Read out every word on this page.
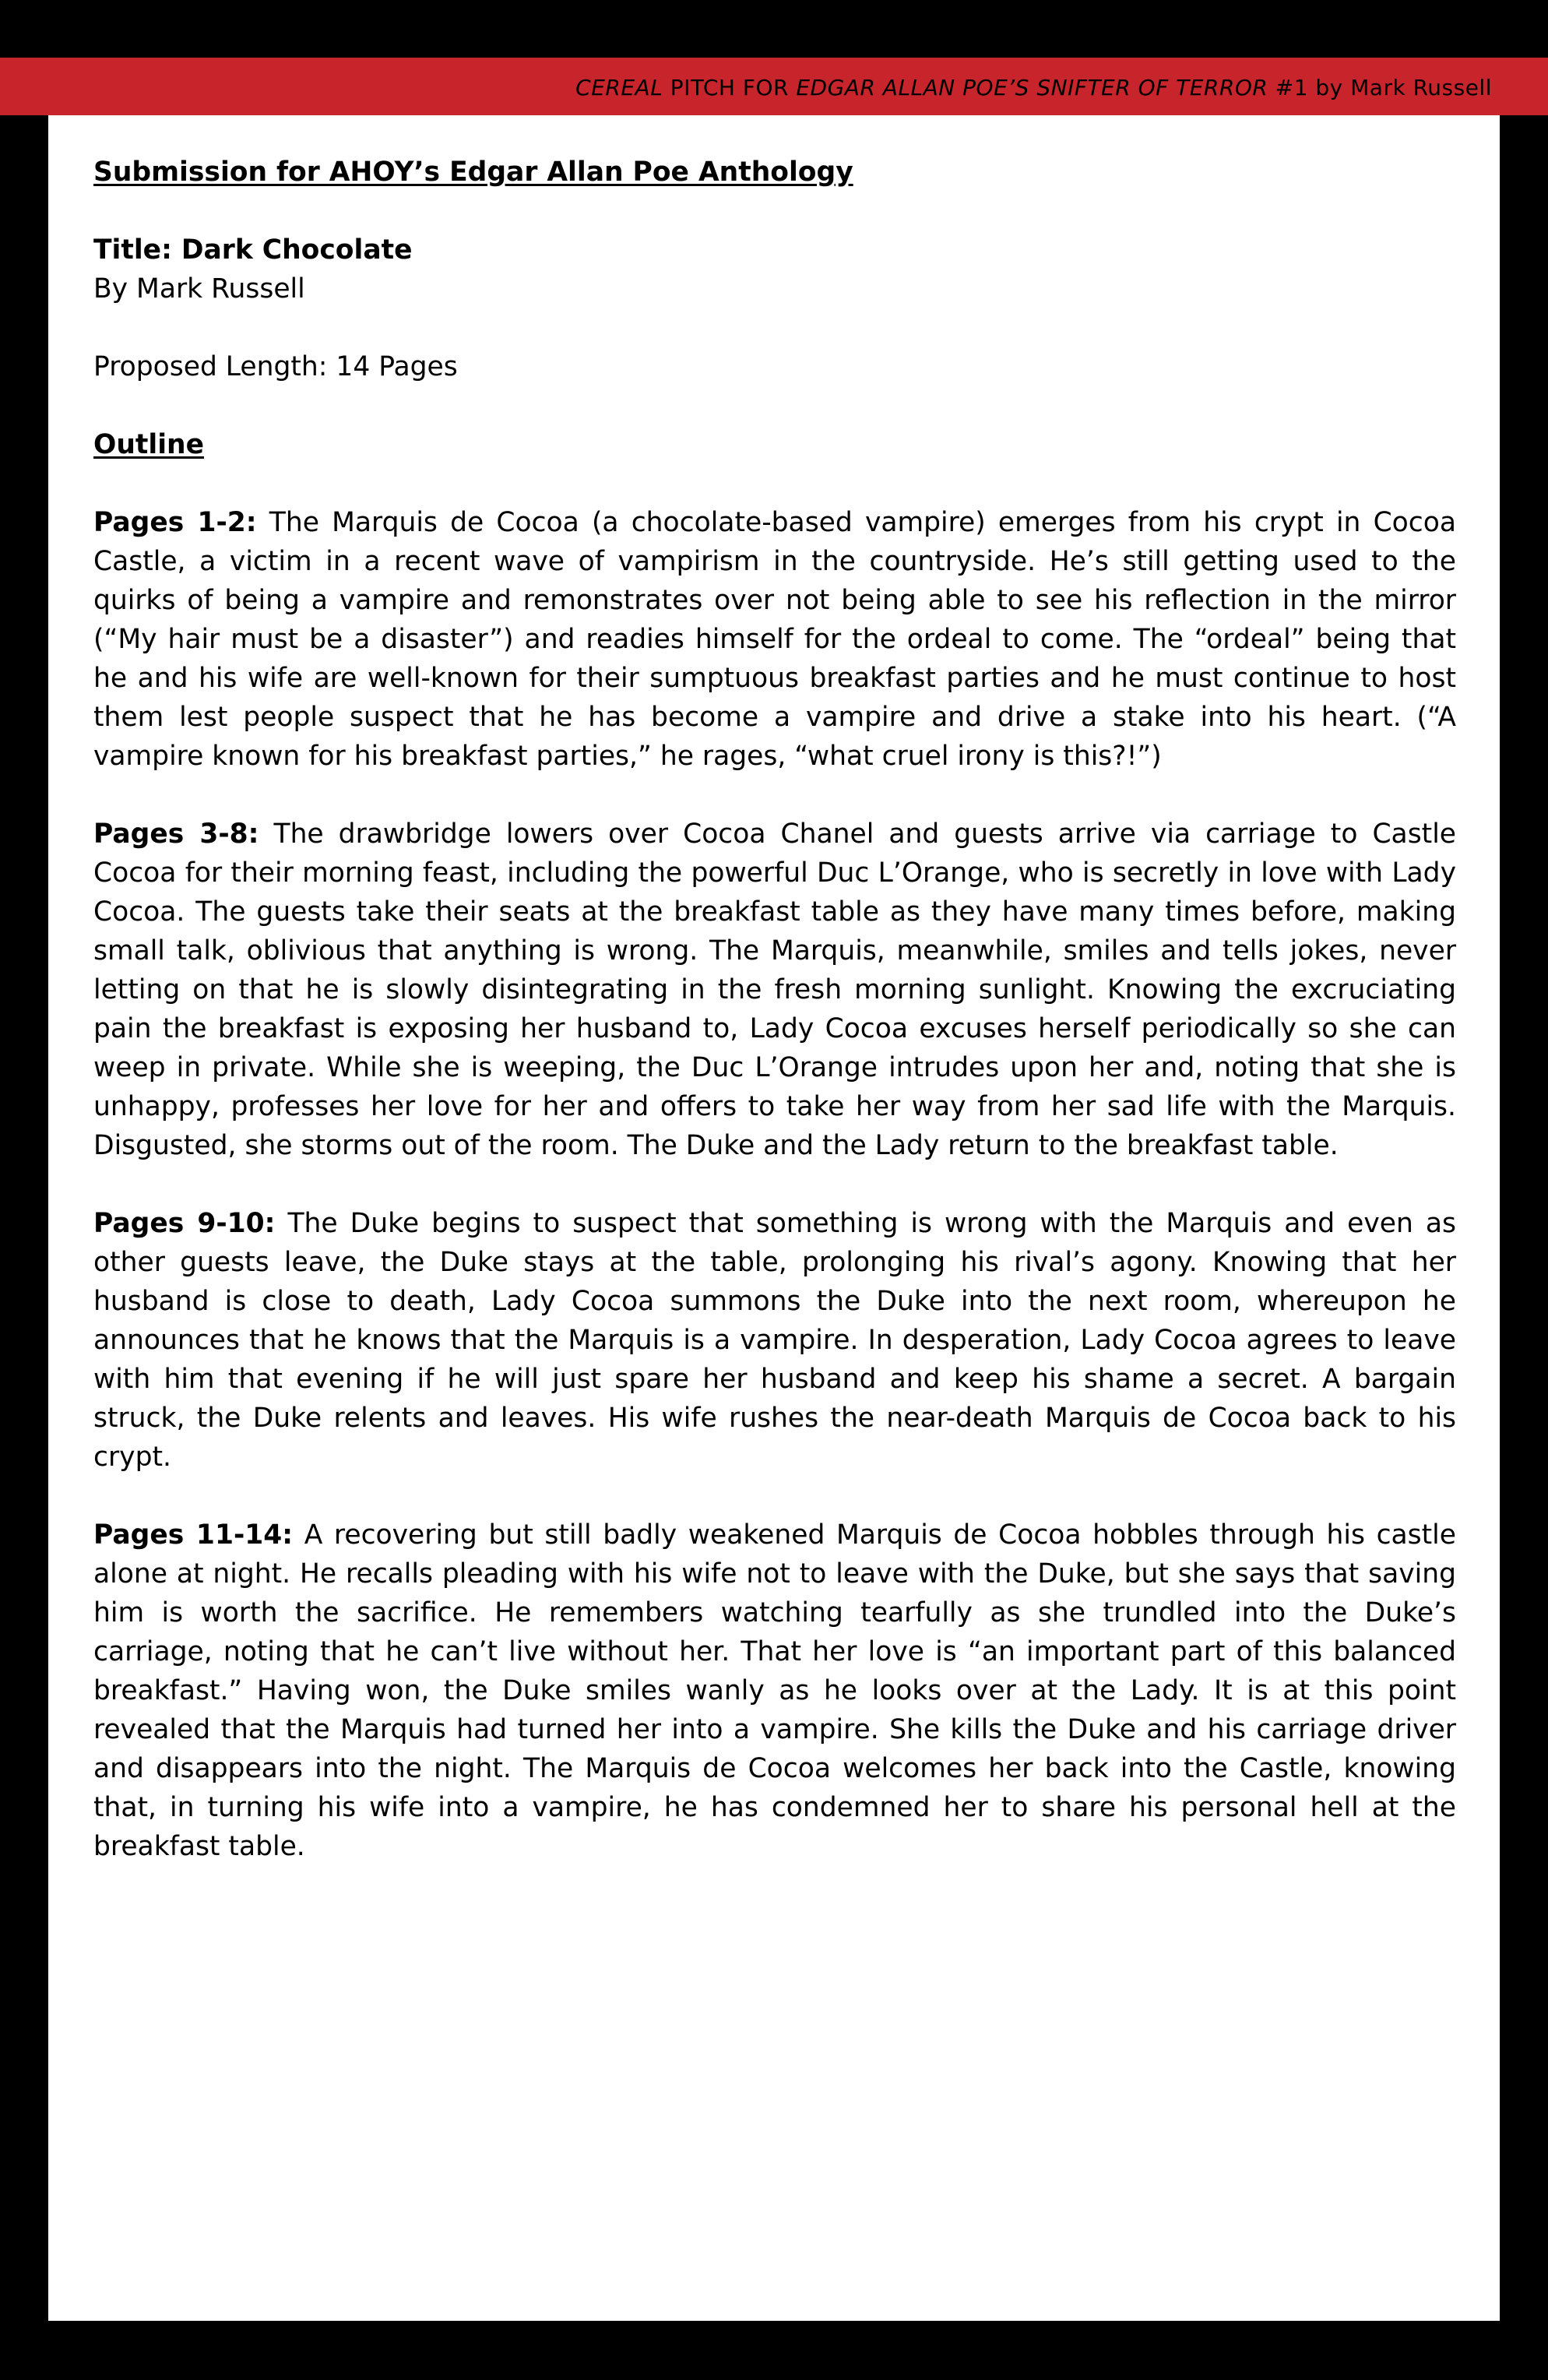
CEREAL PITCH FOR EDGAR ALLAN POE’S SNIFTER OF TERROR #1 by Mark Russell
Submission for AHOY’s Edgar Allan Poe Anthology
Title: Dark Chocolate
By Mark Russell
Proposed Length: 14 Pages
Outline

Pages 1-2: The Marquis de Cocoa (a chocolate-based vampire) emerges from his crypt in Cocoa Castle, a victim in a recent wave of vampirism in the countryside. He’s still getting used to the quirks of being a vampire and remonstrates over not being able to see his reflection in the mirror (“My hair must be a disaster”) and readies himself for the ordeal to come. The “ordeal” being that he and his wife are well-known for their sumptuous breakfast parties and he must continue to host them lest people suspect that he has become a vampire and drive a stake into his heart. (“A vampire known for his breakfast parties,” he rages, “what cruel irony is this?!”)

Pages 3-8: The drawbridge lowers over Cocoa Chanel and guests arrive via carriage to Castle Cocoa for their morning feast, including the powerful Duc L’Orange, who is secretly in love with Lady Cocoa. The guests take their seats at the breakfast table as they have many times before, making small talk, oblivious that anything is wrong. The Marquis, meanwhile, smiles and tells jokes, never letting on that he is slowly disintegrating in the fresh morning sunlight. Knowing the excruciating pain the breakfast is exposing her husband to, Lady Cocoa excuses herself periodically so she can weep in private. While she is weeping, the Duc L’Orange intrudes upon her and, noting that she is unhappy, professes her love for her and offers to take her way from her sad life with the Marquis. Disgusted, she storms out of the room. The Duke and the Lady return to the breakfast table.

Pages 9-10: The Duke begins to suspect that something is wrong with the Marquis and even as other guests leave, the Duke stays at the table, prolonging his rival’s agony. Knowing that her husband is close to death, Lady Cocoa summons the Duke into the next room, whereupon he announces that he knows that the Marquis is a vampire. In desperation, Lady Cocoa agrees to leave with him that evening if he will just spare her husband and keep his shame a secret. A bargain struck, the Duke relents and leaves. His wife rushes the near-death Marquis de Cocoa back to his crypt.

Pages 11-14: A recovering but still badly weakened Marquis de Cocoa hobbles through his castle alone at night. He recalls pleading with his wife not to leave with the Duke, but she says that saving him is worth the sacrifice. He remembers watching tearfully as she trundled into the Duke’s carriage, noting that he can’t live without her. That her love is “an important part of this balanced breakfast.” Having won, the Duke smiles wanly as he looks over at the Lady. It is at this point revealed that the Marquis had turned her into a vampire. She kills the Duke and his carriage driver and disappears into the night. The Marquis de Cocoa welcomes her back into the Castle, knowing that, in turning his wife into a vampire, he has condemned her to share his personal hell at the breakfast table.
